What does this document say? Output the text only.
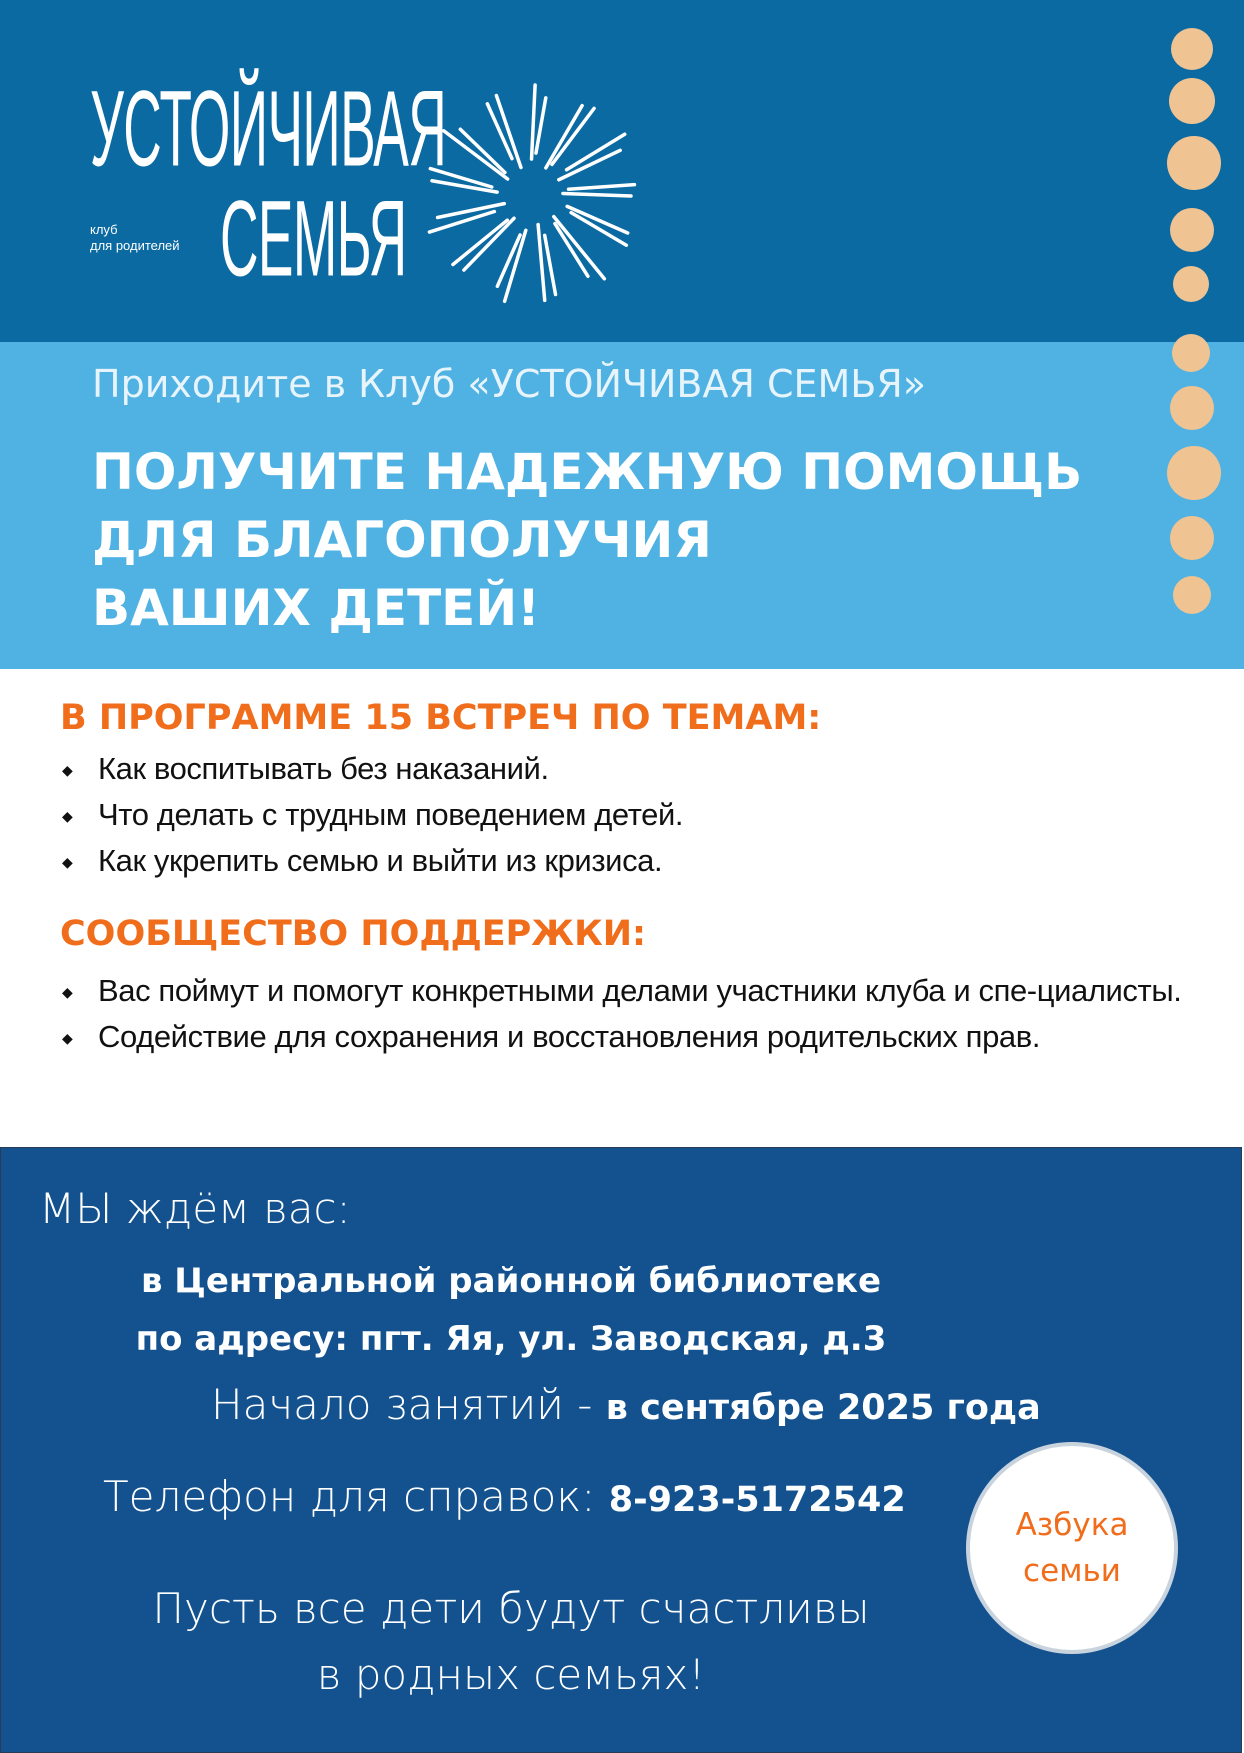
УСТОЙЧИВАЯ
СЕМЬЯ
клуб
для родителей

Приходите в Клуб «УСТОЙЧИВАЯ СЕМЬЯ»

ПОЛУЧИТЕ НАДЕЖНУЮ ПОМОЩЬ
ДЛЯ БЛАГОПОЛУЧИЯ
ВАШИХ ДЕТЕЙ!

В ПРОГРАММЕ 15 ВСТРЕЧ ПО ТЕМАМ:

◆ Как воспитывать без наказаний.
◆ Что делать с трудным поведением детей.
◆ Как укрепить семью и выйти из кризиса.

СООБЩЕСТВО ПОДДЕРЖКИ:

◆ Вас поймут и помогут конкретными делами участники клуба и спе-циалисты.
◆ Содействие для сохранения и восстановления родительских прав.

МЫ ждём вас:

в Центральной районной библиотеке
по адресу: пгт. Яя, ул. Заводская, д.3

Начало занятий - в сентябре 2025 года

Телефон для справок: 8-923-5172542

Пусть все дети будут счастливы
в родных семьях!
Азбука
семьи
